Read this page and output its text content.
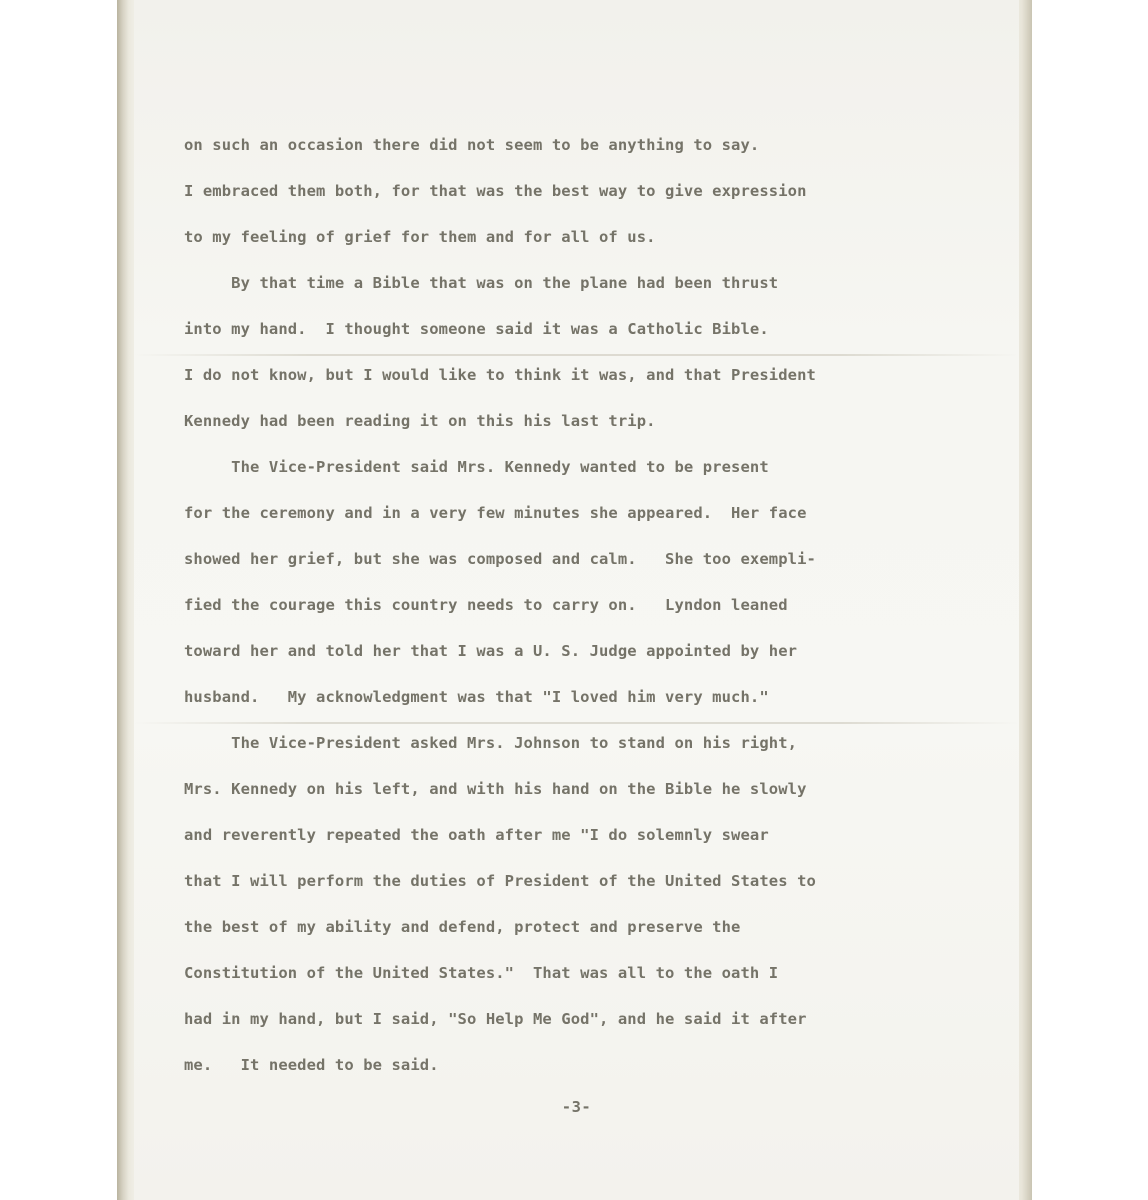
on such an occasion there did not seem to be anything to say.
I embraced them both, for that was the best way to give expression
to my feeling of grief for them and for all of us.
By that time a Bible that was on the plane had been thrust
into my hand.  I thought someone said it was a Catholic Bible.
I do not know, but I would like to think it was, and that President
Kennedy had been reading it on this his last trip.
The Vice-President said Mrs. Kennedy wanted to be present
for the ceremony and in a very few minutes she appeared.  Her face
showed her grief, but she was composed and calm.   She too exempli-
fied the courage this country needs to carry on.   Lyndon leaned
toward her and told her that I was a U. S. Judge appointed by her
husband.   My acknowledgment was that "I loved him very much."
The Vice-President asked Mrs. Johnson to stand on his right,
Mrs. Kennedy on his left, and with his hand on the Bible he slowly
and reverently repeated the oath after me "I do solemnly swear
that I will perform the duties of President of the United States to
the best of my ability and defend, protect and preserve the
Constitution of the United States."  That was all to the oath I
had in my hand, but I said, "So Help Me God", and he said it after
me.   It needed to be said.
-3-
